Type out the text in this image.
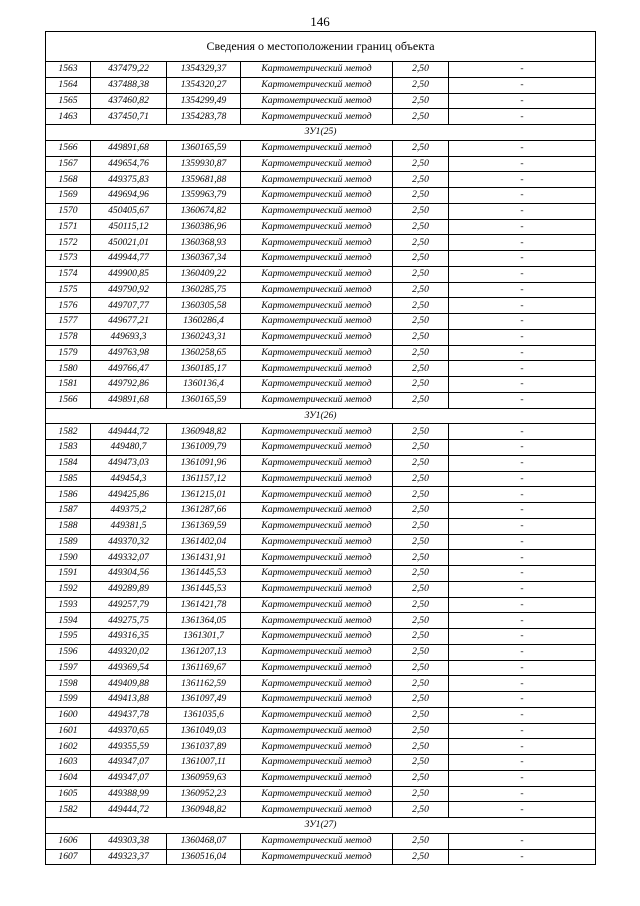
146
Сведения о местоположении границ объекта					
1563	437479,22	1354329,37	Картометрический метод	2,50	-
1564	437488,38	1354320,27	Картометрический метод	2,50	-
1565	437460,82	1354299,49	Картометрический метод	2,50	-
1463	437450,71	1354283,78	Картометрический метод	2,50	-
ЗУ1(25)					
1566	449891,68	1360165,59	Картометрический метод	2,50	-
1567	449654,76	1359930,87	Картометрический метод	2,50	-
1568	449375,83	1359681,88	Картометрический метод	2,50	-
1569	449694,96	1359963,79	Картометрический метод	2,50	-
1570	450405,67	1360674,82	Картометрический метод	2,50	-
1571	450115,12	1360386,96	Картометрический метод	2,50	-
1572	450021,01	1360368,93	Картометрический метод	2,50	-
1573	449944,77	1360367,34	Картометрический метод	2,50	-
1574	449900,85	1360409,22	Картометрический метод	2,50	-
1575	449790,92	1360285,75	Картометрический метод	2,50	-
1576	449707,77	1360305,58	Картометрический метод	2,50	-
1577	449677,21	1360286,4	Картометрический метод	2,50	-
1578	449693,3	1360243,31	Картометрический метод	2,50	-
1579	449763,98	1360258,65	Картометрический метод	2,50	-
1580	449766,47	1360185,17	Картометрический метод	2,50	-
1581	449792,86	1360136,4	Картометрический метод	2,50	-
1566	449891,68	1360165,59	Картометрический метод	2,50	-
ЗУ1(26)					
1582	449444,72	1360948,82	Картометрический метод	2,50	-
1583	449480,7	1361009,79	Картометрический метод	2,50	-
1584	449473,03	1361091,96	Картометрический метод	2,50	-
1585	449454,3	1361157,12	Картометрический метод	2,50	-
1586	449425,86	1361215,01	Картометрический метод	2,50	-
1587	449375,2	1361287,66	Картометрический метод	2,50	-
1588	449381,5	1361369,59	Картометрический метод	2,50	-
1589	449370,32	1361402,04	Картометрический метод	2,50	-
1590	449332,07	1361431,91	Картометрический метод	2,50	-
1591	449304,56	1361445,53	Картометрический метод	2,50	-
1592	449289,89	1361445,53	Картометрический метод	2,50	-
1593	449257,79	1361421,78	Картометрический метод	2,50	-
1594	449275,75	1361364,05	Картометрический метод	2,50	-
1595	449316,35	1361301,7	Картометрический метод	2,50	-
1596	449320,02	1361207,13	Картометрический метод	2,50	-
1597	449369,54	1361169,67	Картометрический метод	2,50	-
1598	449409,88	1361162,59	Картометрический метод	2,50	-
1599	449413,88	1361097,49	Картометрический метод	2,50	-
1600	449437,78	1361035,6	Картометрический метод	2,50	-
1601	449370,65	1361049,03	Картометрический метод	2,50	-
1602	449355,59	1361037,89	Картометрический метод	2,50	-
1603	449347,07	1361007,11	Картометрический метод	2,50	-
1604	449347,07	1360959,63	Картометрический метод	2,50	-
1605	449388,99	1360952,23	Картометрический метод	2,50	-
1582	449444,72	1360948,82	Картометрический метод	2,50	-
ЗУ1(27)					
1606	449303,38	1360468,07	Картометрический метод	2,50	-
1607	449323,37	1360516,04	Картометрический метод	2,50	-
